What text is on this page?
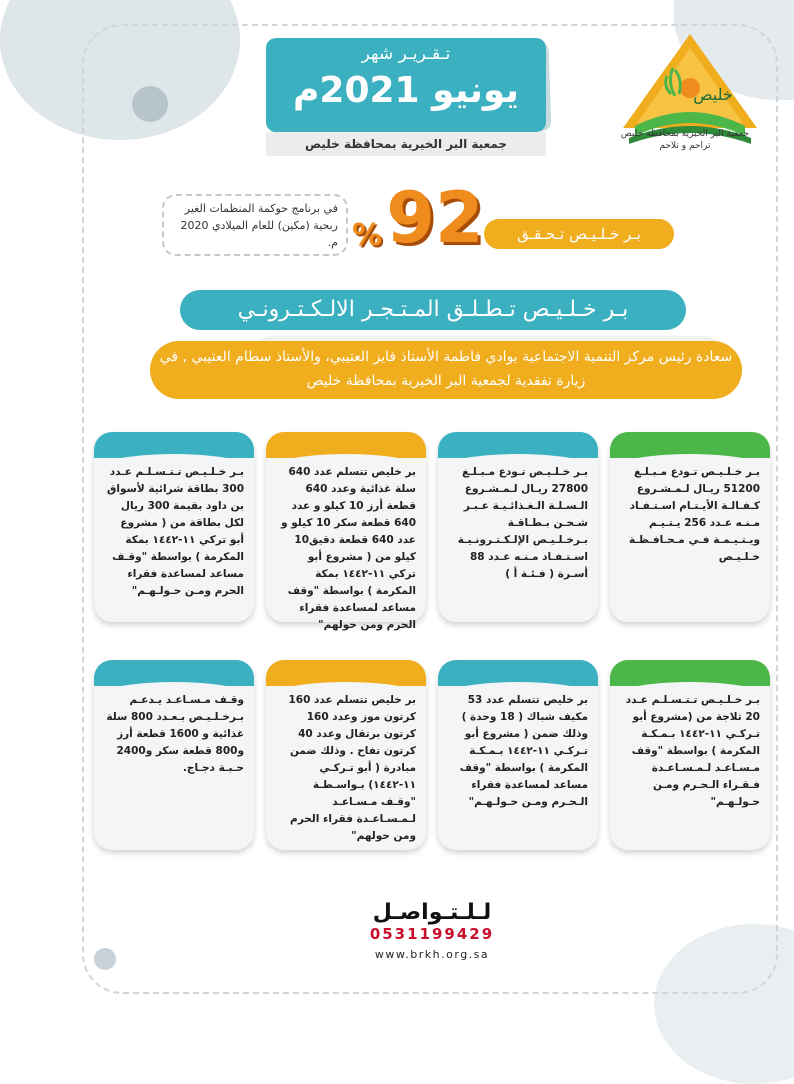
خليص
جمعية البر الخيرية بمحافظة خليص
تراحم و تلاحم
تـقـريـر شهر
يونيو 2021م
جمعية البر الخيرية بمحافظة خليص
بـر خـلـيـص تـحـقـق
92
%
في برنامج حوكمة المنظمات الغير ربحية (مكين) للعام الميلادي 2020 م.
بـر خـلـيـص تـطـلـق المـتـجـر الالـكـتـرونـي
سعادة رئيس مركز التنمية الاجتماعية بوادي فاطمة الأستاذ فايز العتيبي، والأستاذ سطام العتيبي , في زيارة تفقدية لجمعية البر الخيرية بمحافظة خليص
بـر خـلـيـص تـودع مـبـلـغ 51200 ريـال لـمـشـروع كـفـالـة الأيـتـام اسـتـفـاد مـنـه عـدد 256 يـتـيـم ويـتـيـمـة فـي مـحـافـظـة خـلـيـص
بـر خـلـيـص تـودع مـبـلـغ 27800 ريـال لـمـشـروع الـسـلـة الـغـذائـيـة عـبـر شـحـن بـطـاقـة بـرخـلـيـص الإلـكـتـرونـيـة اسـتـفـاد مـنـه عـدد 88 أسـرة ( فـئـة أ )
بر خليص تتسلم عدد 640 سلة غذائية وعدد 640 قطعة أرز 10 كيلو و عدد 640 قطعة سكر 10 كيلو و عدد 640 قطعة دقيق10 كيلو من ( مشروع أبو تركي ١١-١٤٤٢ بمكة المكرمة ) بواسطة "وقف مساعد لمساعدة فقراء الحرم ومن حولهم"
بـر خـلـيـص تـتـسـلـم عـدد 300 بطاقة شرائية لأسواق بن داود بقيمة 300 ريال لكل بطاقة من ( مشروع أبو تركي ١١-١٤٤٢ بمكة المكرمة ) بواسطة "وقـف مساعد لمساعدة فقراء الحرم ومـن حـولـهـم"
بـر خـلـيـص تـتـسـلـم عـدد 20 ثلاجة من (مشروع أبو تـركـي ١١-١٤٤٢ بـمـكـة المكرمة ) بواسطة "وقف مـسـاعـد لـمـسـاعـدة فـقـراء الـحـرم ومـن حـولـهـم"
بر خليص تتسلم عدد 53 مكيف شباك ( 18 وحدة ) وذلك ضمن ( مشروع أبو تـركـي ١١-١٤٤٢ بـمـكـة المكرمة ) بواسطة "وقف مساعد لمساعدة فقراء الـحـرم ومـن حـولـهـم"
بر خليص تتسلم عدد 160 كرتون موز وعدد 160 كرتون برتقال وعدد 40 كرتون تفاح . وذلك ضمن مبادرة ( أبو تـركـي ١١-١٤٤٢) بـواسـطـة "وقـف مـسـاعـد لـمـسـاعـدة فقراء الحرم ومن حولهم"
وقـف مـسـاعـد يـدعـم بـرخـلـيـص بـعـدد 800 سلة غذائية و 1600 قطعة أرز و800 قطعة سكر و2400 حـبـة دجـاج.
لـلـتـواصـل
0531199429
www.brkh.org.sa
